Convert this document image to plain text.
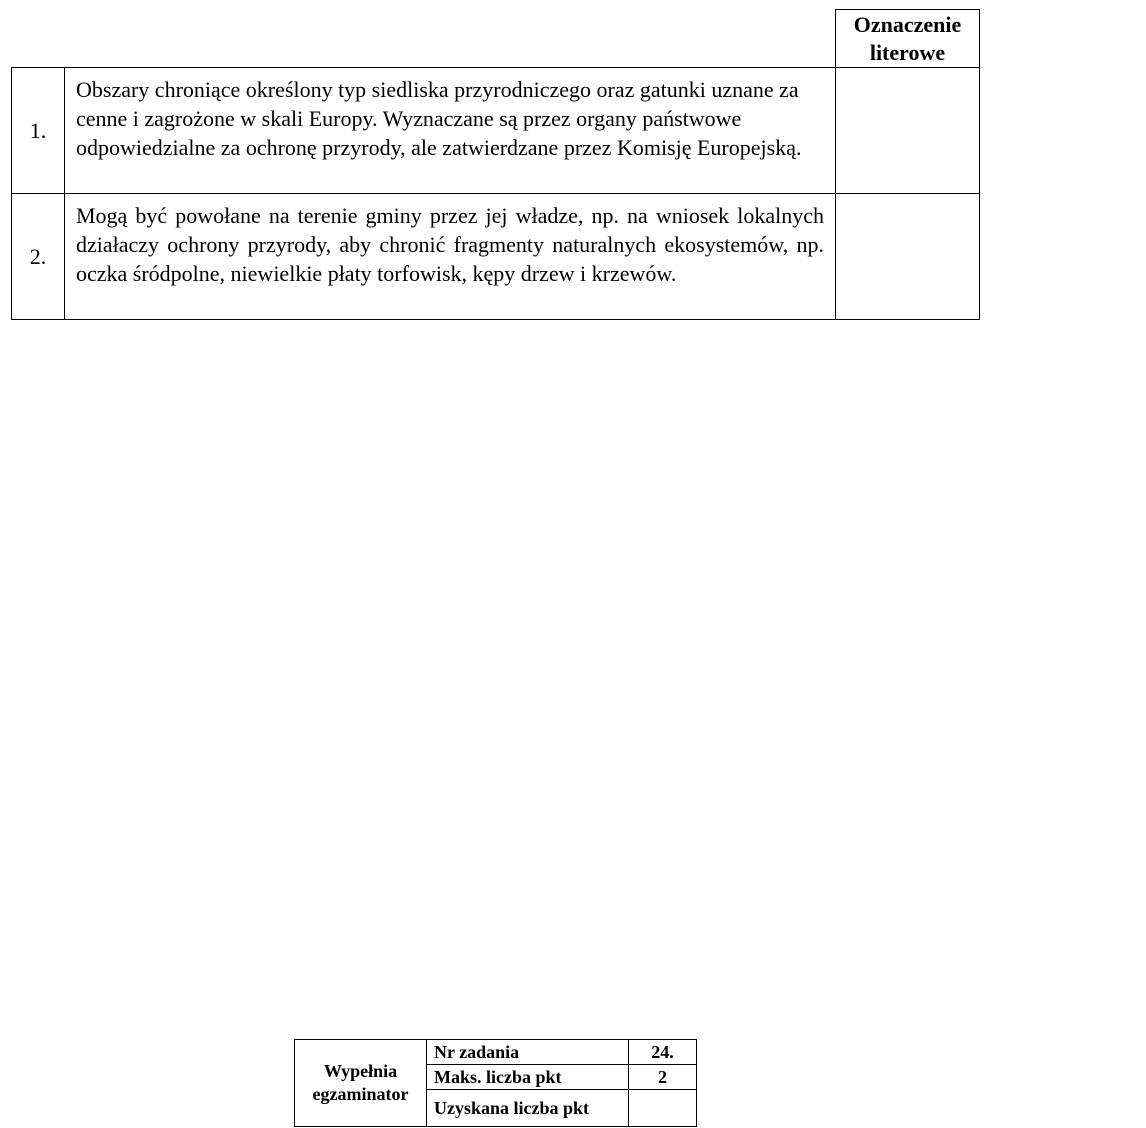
Oznaczenie literowe
1.
Obszary chroniące określony typ siedliska przyrodniczego oraz gatunki uznane za cenne i zagrożone w skali Europy. Wyznaczane są przez organy państwowe odpowiedzialne za ochronę przyrody, ale zatwierdzane przez Komisję Europejską.
2.
Mogą być powołane na terenie gminy przez jej władze, np. na wniosek lokalnych działaczy ochrony przyrody, aby chronić fragmenty naturalnych ekosystemów, np. oczka śródpolne, niewielkie płaty torfowisk, kępy drzew i krzewów.
Wypełnia egzaminator
Nr zadania	24.
Maks. liczba pkt	2
Uzyskana liczba pkt
